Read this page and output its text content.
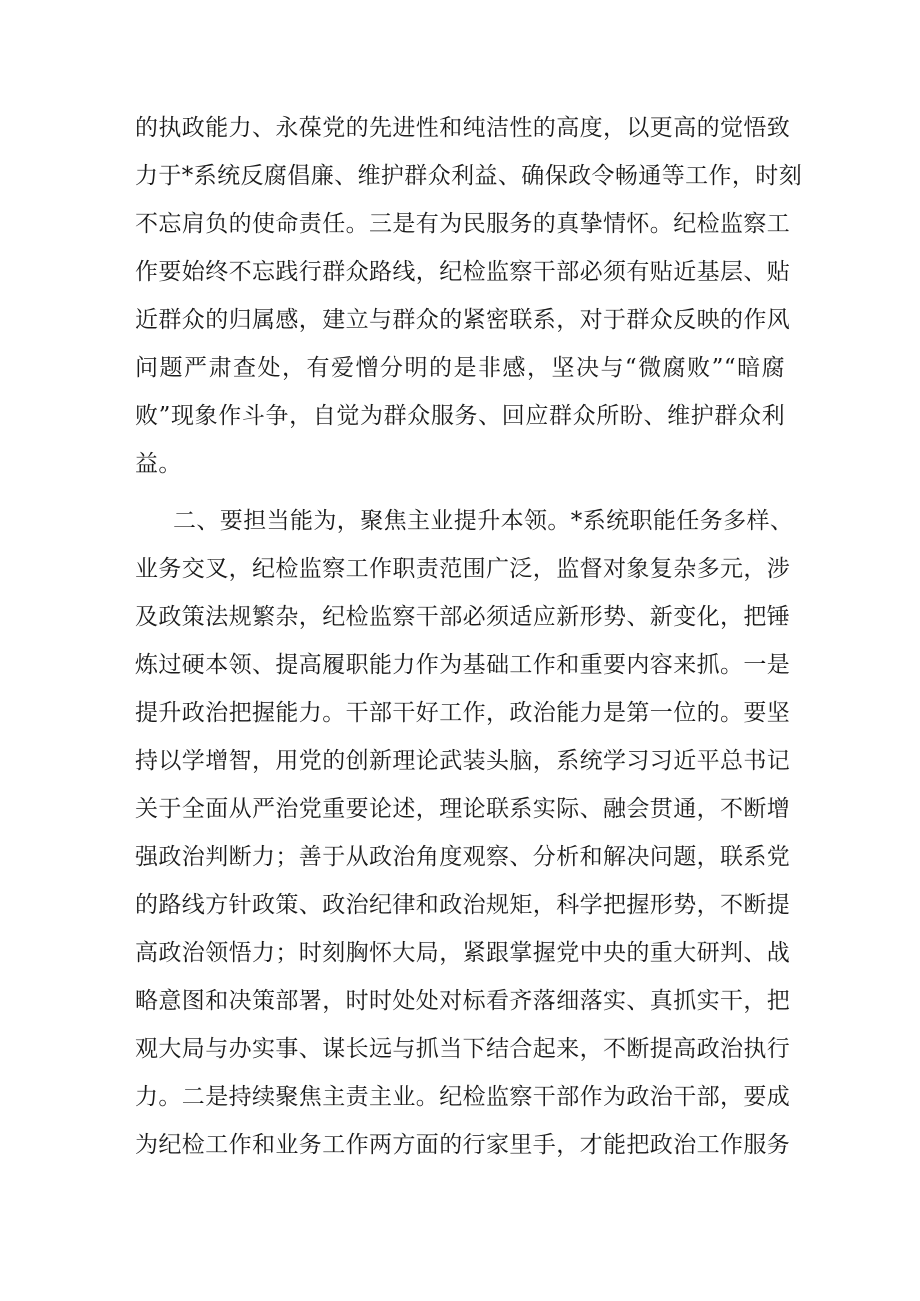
的执政能力、永葆党的先进性和纯洁性的高度，以更高的觉悟致
力于*系统反腐倡廉、维护群众利益、确保政令畅通等工作，时刻
不忘肩负的使命责任。三是有为民服务的真挚情怀。纪检监察工
作要始终不忘践行群众路线，纪检监察干部必须有贴近基层、贴
近群众的归属感，建立与群众的紧密联系，对于群众反映的作风
问题严肃查处，有爱憎分明的是非感，坚决与“微腐败”“暗腐
败”现象作斗争，自觉为群众服务、回应群众所盼、维护群众利
益。
二、要担当能为，聚焦主业提升本领。*系统职能任务多样、
业务交叉，纪检监察工作职责范围广泛，监督对象复杂多元，涉
及政策法规繁杂，纪检监察干部必须适应新形势、新变化，把锤
炼过硬本领、提高履职能力作为基础工作和重要内容来抓。一是
提升政治把握能力。干部干好工作，政治能力是第一位的。要坚
持以学增智，用党的创新理论武装头脑，系统学习习近平总书记
关于全面从严治党重要论述，理论联系实际、融会贯通，不断增
强政治判断力；善于从政治角度观察、分析和解决问题，联系党
的路线方针政策、政治纪律和政治规矩，科学把握形势，不断提
高政治领悟力；时刻胸怀大局，紧跟掌握党中央的重大研判、战
略意图和决策部署，时时处处对标看齐落细落实、真抓实干，把
观大局与办实事、谋长远与抓当下结合起来，不断提高政治执行
力。二是持续聚焦主责主业。纪检监察干部作为政治干部，要成
为纪检工作和业务工作两方面的行家里手，才能把政治工作服务
